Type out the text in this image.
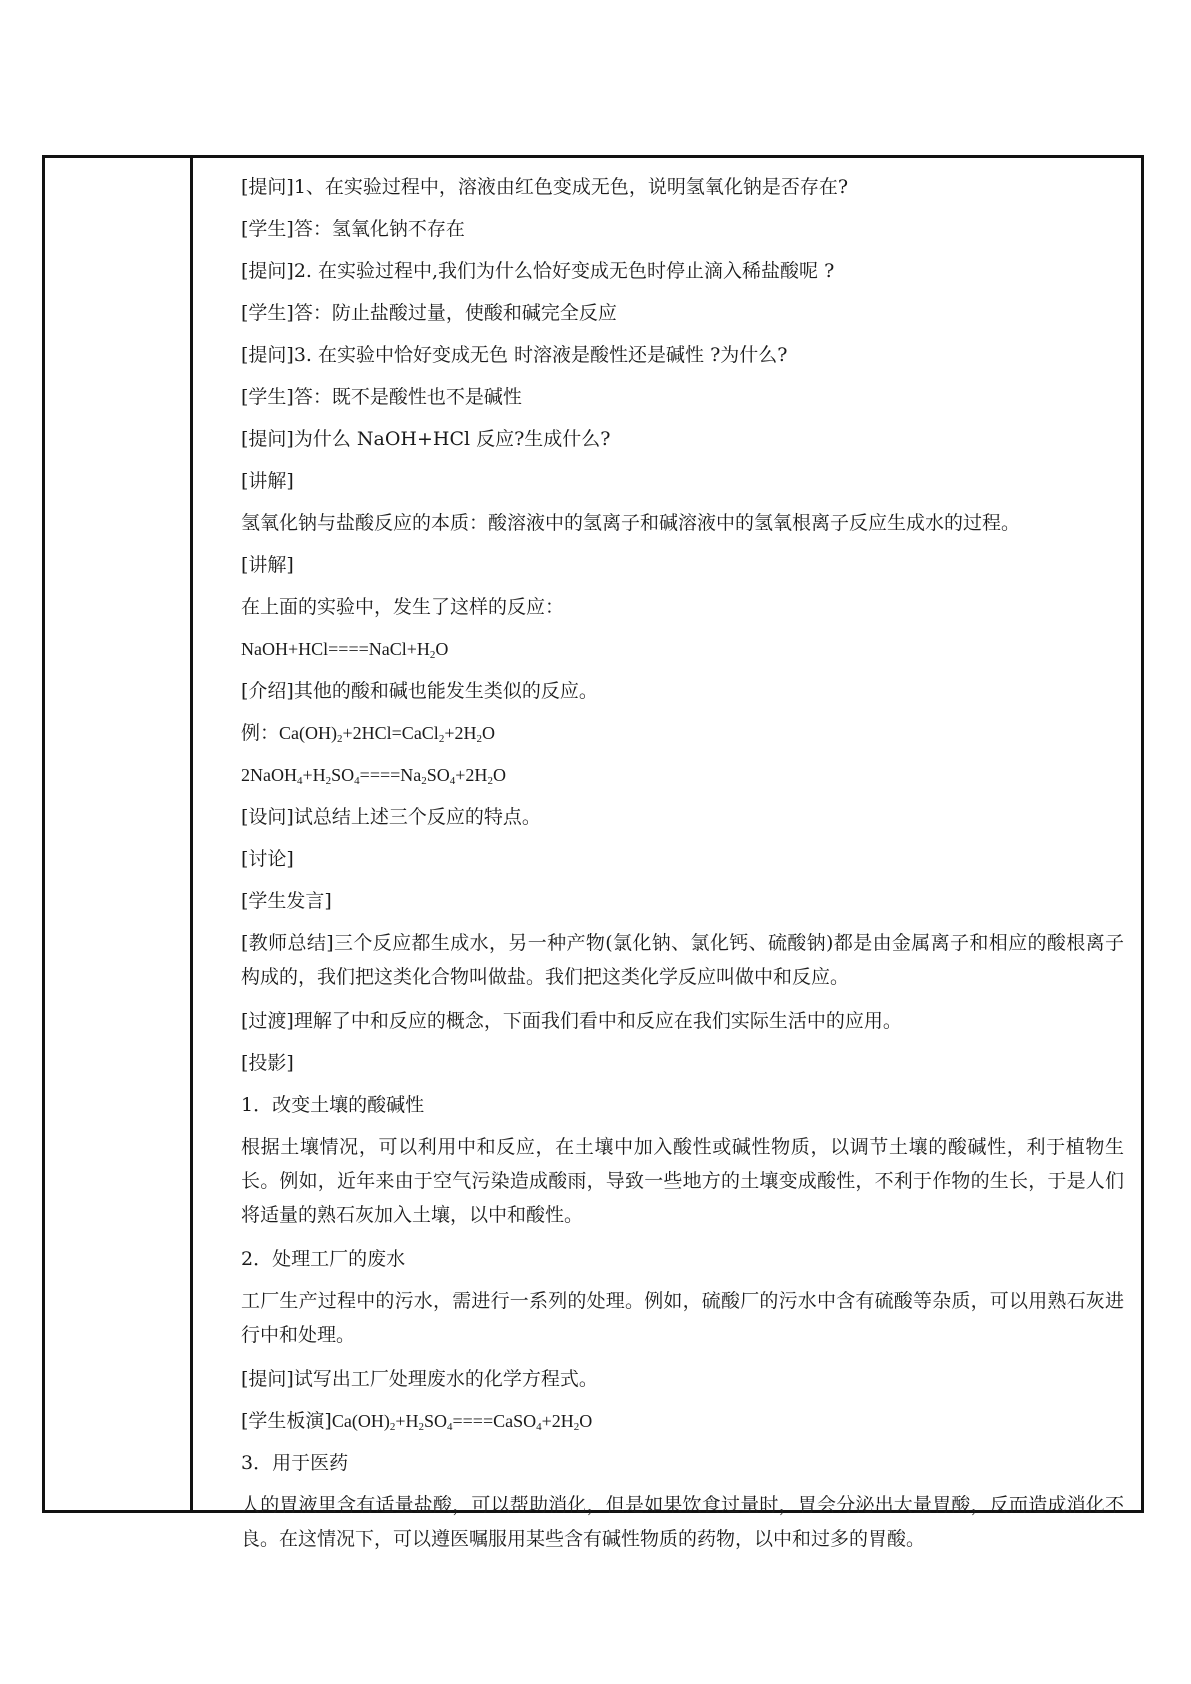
[提问]1、在实验过程中，溶液由红色变成无色，说明氢氧化钠是否存在?
[学生]答：氢氧化钠不存在
[提问]2. 在实验过程中,我们为什么恰好变成无色时停止滴入稀盐酸呢 ?
[学生]答：防止盐酸过量，使酸和碱完全反应
[提问]3. 在实验中恰好变成无色 时溶液是酸性还是碱性 ?为什么?
[学生]答：既不是酸性也不是碱性
[提问]为什么 NaOH+HCl 反应?生成什么?
[讲解]
氢氧化钠与盐酸反应的本质：酸溶液中的氢离子和碱溶液中的氢氧根离子反应生成水的过程。
[讲解]
在上面的实验中，发生了这样的反应：
$NaOH+HCl====NaCl+H_2O$
[介绍]其他的酸和碱也能发生类似的反应。
例：$Ca(OH)_2+2HCl=CaCl_2+2H_2O$
$2NaOH_4+H_2SO_4====Na_2SO_4+2H_2O$
[设问]试总结上述三个反应的特点。
[讨论]
[学生发言]
[教师总结]三个反应都生成水，另一种产物(氯化钠、氯化钙、硫酸钠)都是由金属离子和相应的酸根离子构成的，我们把这类化合物叫做盐。我们把这类化学反应叫做中和反应。
[过渡]理解了中和反应的概念，下面我们看中和反应在我们实际生活中的应用。
[投影]
1．改变土壤的酸碱性
根据土壤情况，可以利用中和反应，在土壤中加入酸性或碱性物质，以调节土壤的酸碱性，利于植物生长。例如，近年来由于空气污染造成酸雨，导致一些地方的土壤变成酸性，不利于作物的生长，于是人们将适量的熟石灰加入土壤，以中和酸性。
2．处理工厂的废水
工厂生产过程中的污水，需进行一系列的处理。例如，硫酸厂的污水中含有硫酸等杂质，可以用熟石灰进行中和处理。
[提问]试写出工厂处理废水的化学方程式。
[学生板演]$Ca(OH)_2+H_2SO_4====CaSO_4+2H_2O$
3．用于医药
人的胃液里含有适量盐酸，可以帮助消化，但是如果饮食过量时，胃会分泌出大量胃酸，反而造成消化不良。在这情况下，可以遵医嘱服用某些含有碱性物质的药物，以中和过多的胃酸。
